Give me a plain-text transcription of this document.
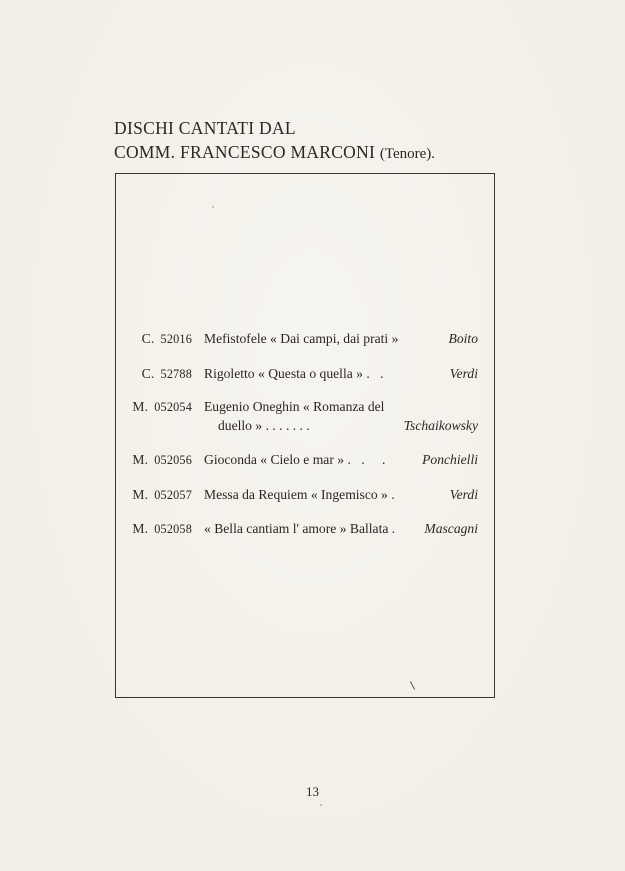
DISCHI CANTATI DAL
COMM. FRANCESCO MARCONI (Tenore).
C. 52016 Mefistofele « Dai campi, dai prati »	Boito
C. 52788 Rigoletto « Questa o quella » . .	Verdi
M. 052054 Eugenio Oneghin « Romanza del
duello » . . . . . . .	Tschaikowsky
M. 052056 Gioconda « Cielo e mar » . . . Ponchielli
M. 052057 Messa da Requiem « Ingemisco » .	Verdi
M. 052058 « Bella cantiam l' amore » Ballata . Mascagni
13
